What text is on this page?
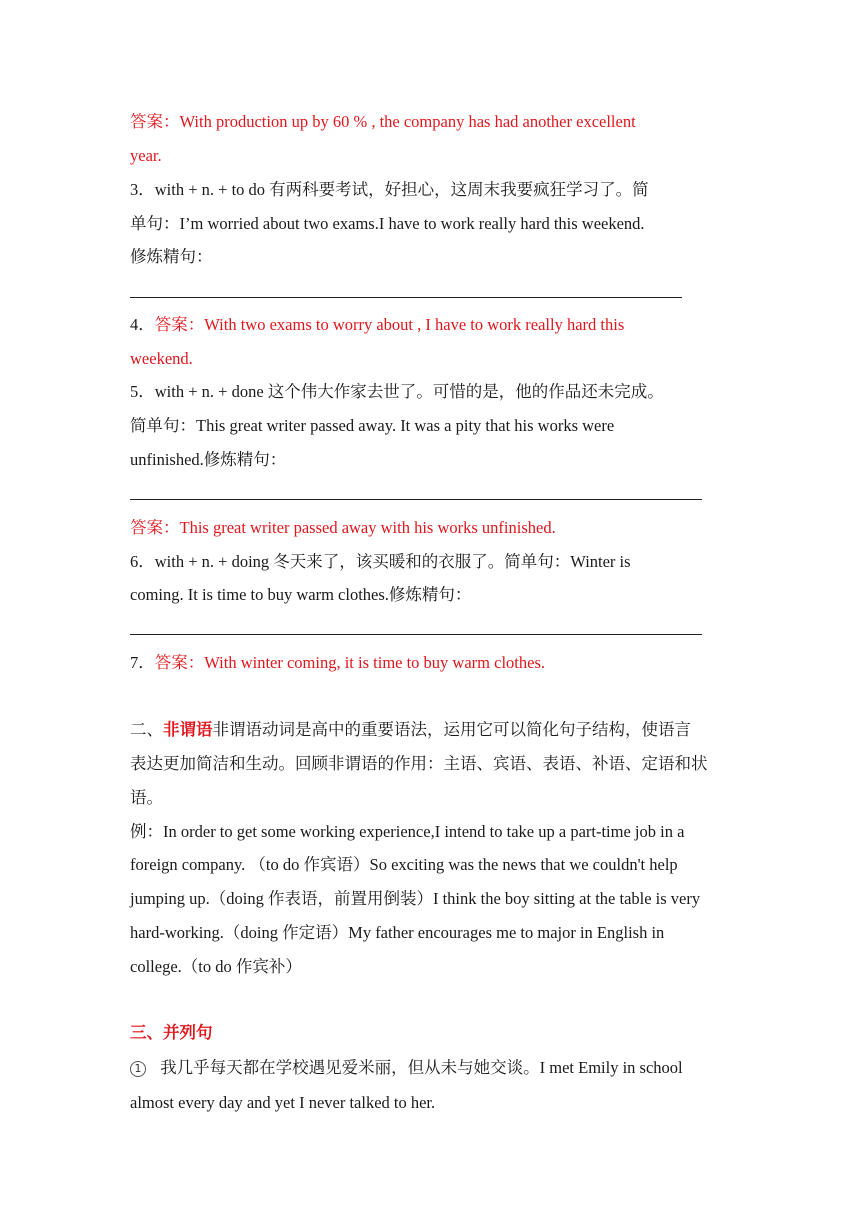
答案：With production up by 60 % , the company has had another excellent
year.
3．with + n. + to do 有两科要考试，好担心，这周末我要疯狂学习了。简
单句：I’m worried about two exams.I have to work really hard this weekend.
修炼精句：
4．答案：With two exams to worry about , I have to work really hard this
weekend.
5．with + n. + done 这个伟大作家去世了。可惜的是，他的作品还未完成。
简单句：This great writer passed away. It was a pity that his works were
unfinished.修炼精句：
答案：This great writer passed away with his works unfinished.
6．with + n. + doing 冬天来了，该买暖和的衣服了。简单句：Winter is
coming. It is time to buy warm clothes.修炼精句：
7．答案：With winter coming, it is time to buy warm clothes.
二、非谓语非谓语动词是高中的重要语法，运用它可以简化句子结构，使语言
表达更加简洁和生动。回顾非谓语的作用：主语、宾语、表语、补语、定语和状
语。
例：In order to get some working experience,I intend to take up a part-time job in a
foreign company. （to do 作宾语）So exciting was the news that we couldn't help
jumping up.（doing 作表语，前置用倒装）I think the boy sitting at the table is very
hard-working.（doing 作定语）My father encourages me to major in English in
college.（to do 作宾补）
三、并列句
1 我几乎每天都在学校遇见爱米丽，但从未与她交谈。I met Emily in school
almost every day and yet I never talked to her.
